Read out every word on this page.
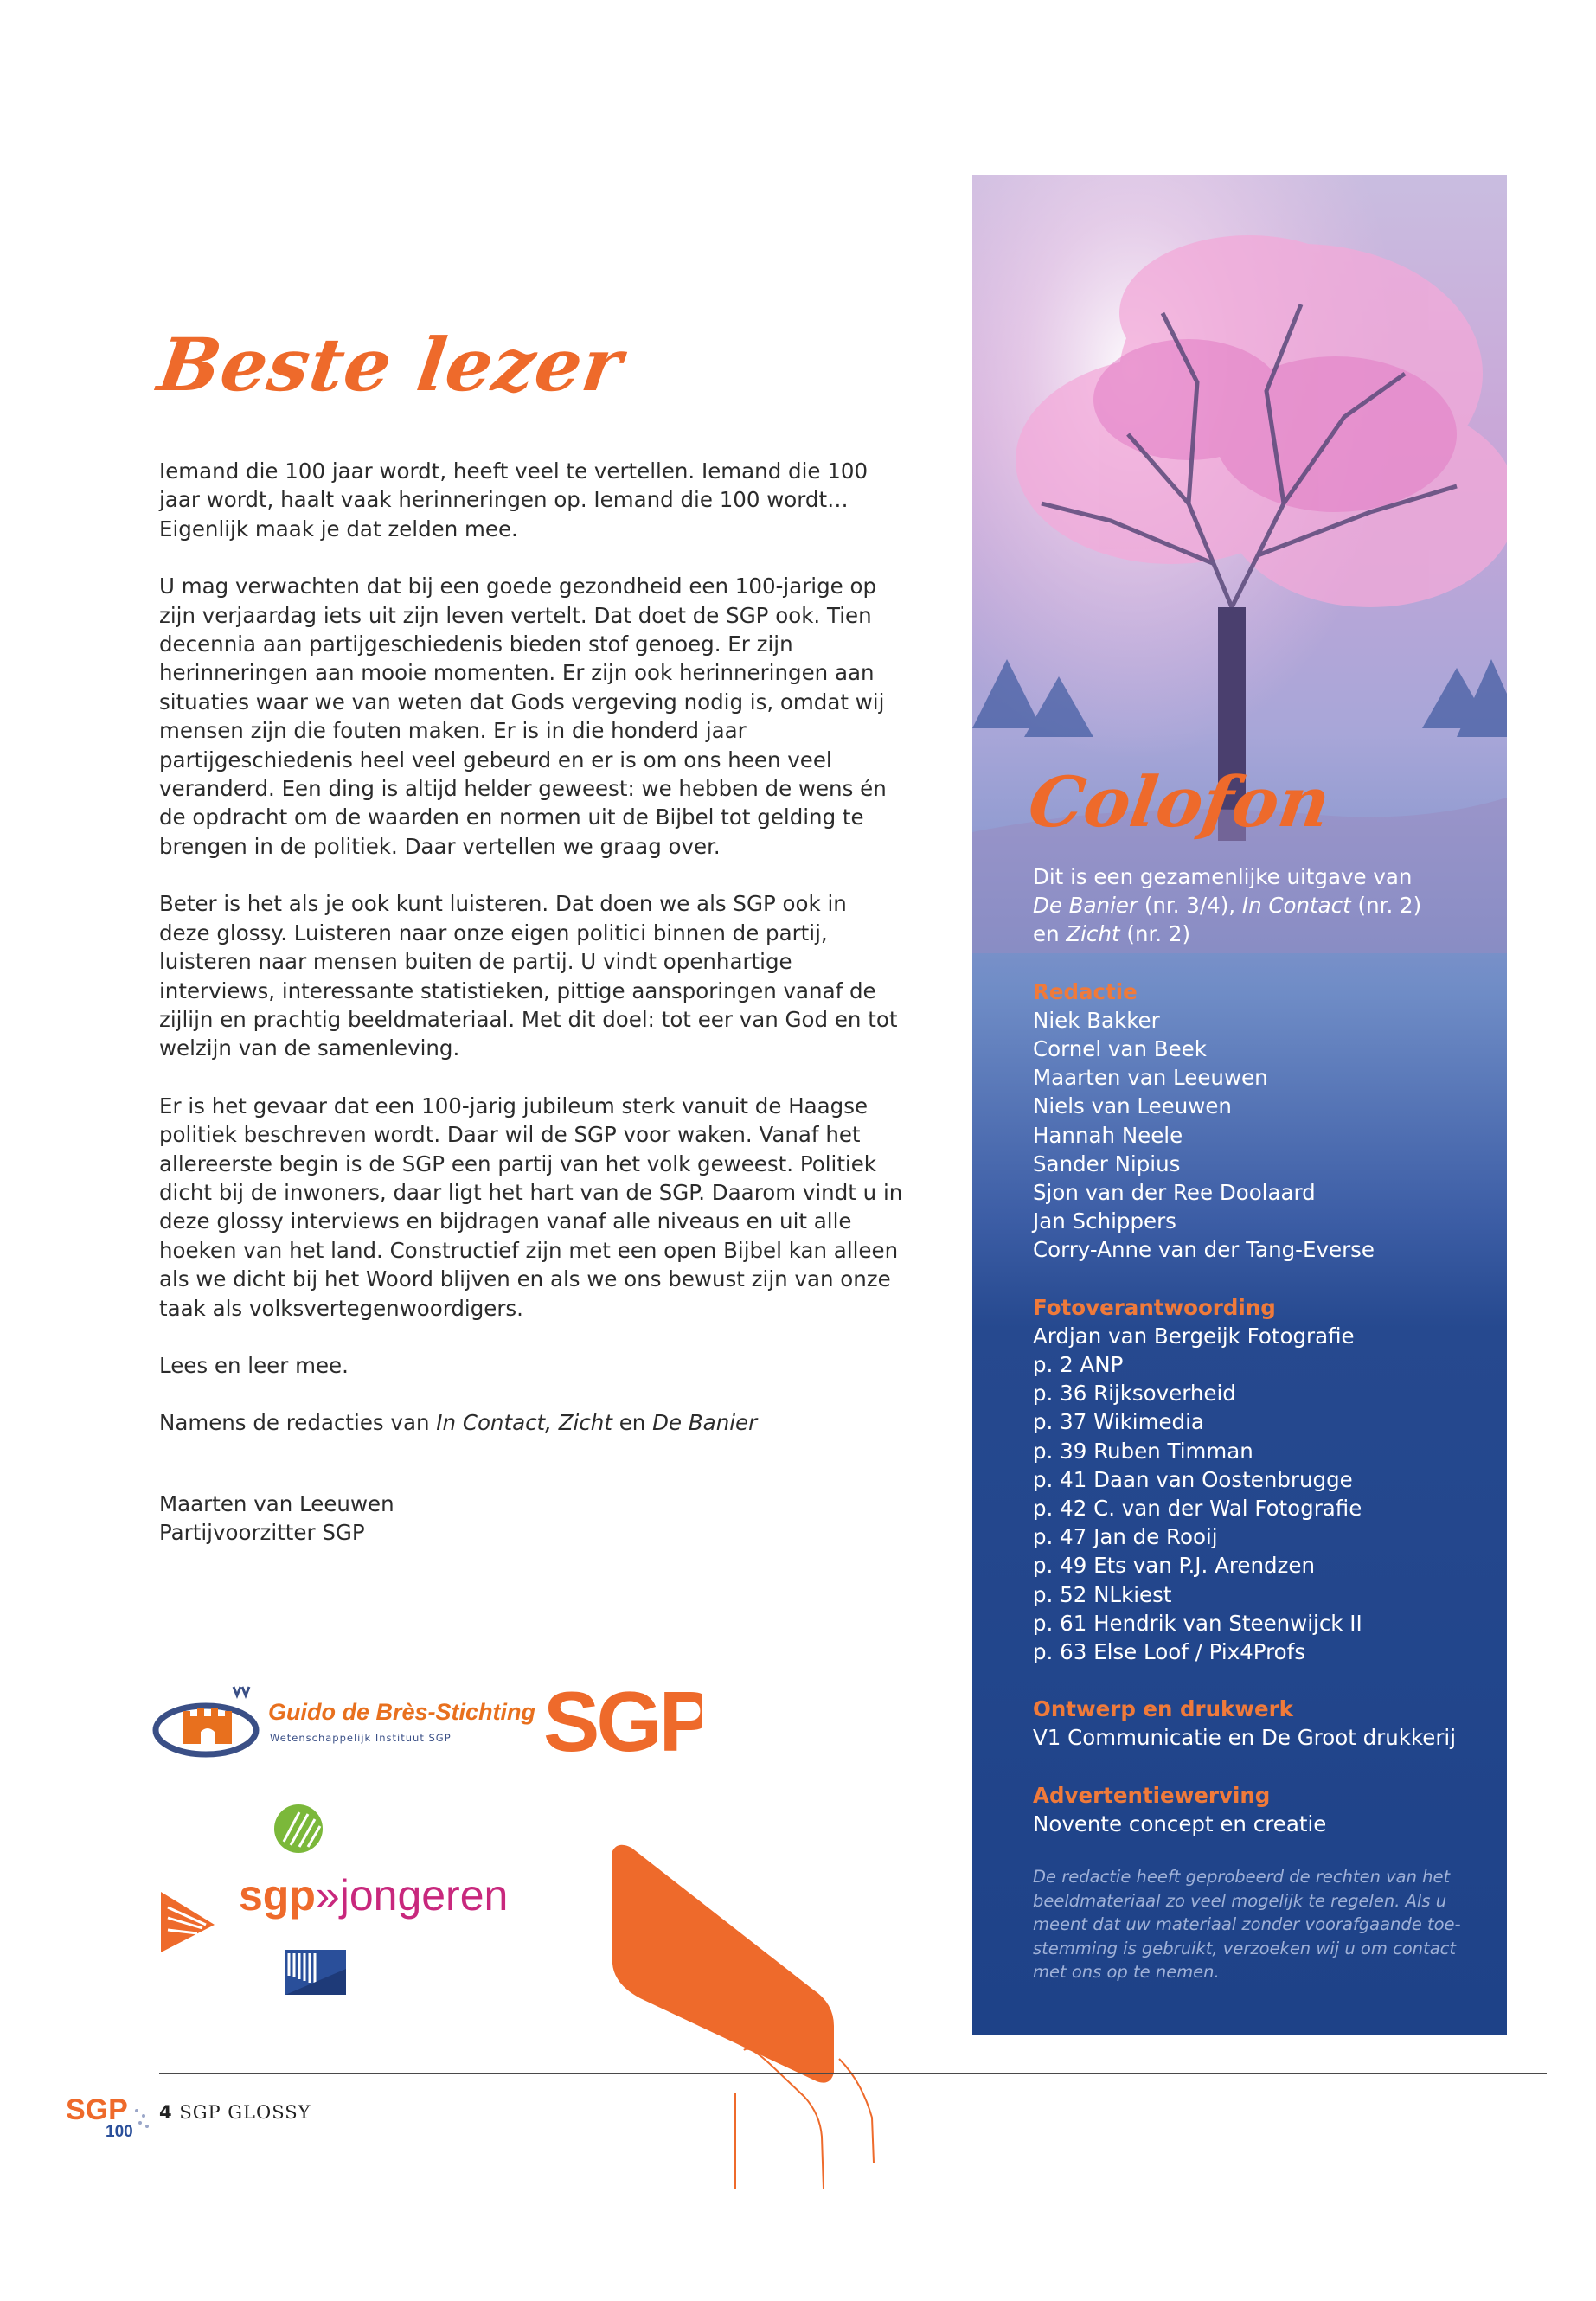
Beste lezer

Iemand die 100 jaar wordt, heeft veel te vertellen. Iemand die 100 jaar wordt, haalt vaak herinneringen op. Iemand die 100 wordt… Eigenlijk maak je dat zelden mee.

U mag verwachten dat bij een goede gezondheid een 100-jarige op zijn verjaardag iets uit zijn leven vertelt. Dat doet de SGP ook. Tien decennia aan partijgeschiedenis bieden stof genoeg. Er zijn herinneringen aan mooie momenten. Er zijn ook herinneringen aan situaties waar we van weten dat Gods vergeving nodig is, omdat wij mensen zijn die fouten maken. Er is in die honderd jaar partijgeschiedenis heel veel gebeurd en er is om ons heen veel veranderd. Een ding is altijd helder geweest: we hebben de wens én de opdracht om de waarden en normen uit de Bijbel tot gelding te brengen in de politiek. Daar vertellen we graag over.

Beter is het als je ook kunt luisteren. Dat doen we als SGP ook in deze glossy. Luisteren naar onze eigen politici binnen de partij, luisteren naar mensen buiten de partij. U vindt openhartige interviews, interessante statistieken, pittige aansporingen vanaf de zijlijn en prachtig beeldmateriaal. Met dit doel: tot eer van God en tot welzijn van de samenleving.

Er is het gevaar dat een 100-jarig jubileum sterk vanuit de Haagse politiek beschreven wordt. Daar wil de SGP voor waken. Vanaf het allereerste begin is de SGP een partij van het volk geweest. Politiek dicht bij de inwoners, daar ligt het hart van de SGP. Daarom vindt u in deze glossy interviews en bijdragen vanaf alle niveaus en uit alle hoeken van het land. Constructief zijn met een open Bijbel kan alleen als we dicht bij het Woord blijven en als we ons bewust zijn van onze taak als volksvertegenwoordigers.

Lees en leer mee.

Namens de redacties van In Contact, Zicht en De Banier

Maarten van Leeuwen
Partijvoorzitter SGP
Guido de Brès-Stichting
Wetenschappelijk Instituut SGP SGP
sgp»jongeren
SGP
100
4 SGP GLOSSY
Colofon

Dit is een gezamenlijke uitgave van

De Banier (nr. 3/4), In Contact (nr. 2)

en Zicht (nr. 2)

Redactie

Niek Bakker

Cornel van Beek

Maarten van Leeuwen

Niels van Leeuwen

Hannah Neele

Sander Nipius

Sjon van der Ree Doolaard

Jan Schippers

Corry-Anne van der Tang-Everse

Fotoverantwoording

Ardjan van Bergeijk Fotografie

p. 2 ANP

p. 36 Rijksoverheid

p. 37 Wikimedia

p. 39 Ruben Timman

p. 41 Daan van Oostenbrugge

p. 42 C. van der Wal Fotografie

p. 47 Jan de Rooij

p. 49 Ets van P.J. Arendzen

p. 52 NLkiest

p. 61 Hendrik van Steenwijck II

p. 63 Else Loof / Pix4Profs

Ontwerp en drukwerk

V1 Communicatie en De Groot drukkerij

Advertentiewerving

Novente concept en creatie

De redactie heeft geprobeerd de rechten van het beeldmateriaal zo veel mogelijk te regelen. Als u meent dat uw materiaal zonder voorafgaande toe-stemming is gebruikt, verzoeken wij u om contact met ons op te nemen.
